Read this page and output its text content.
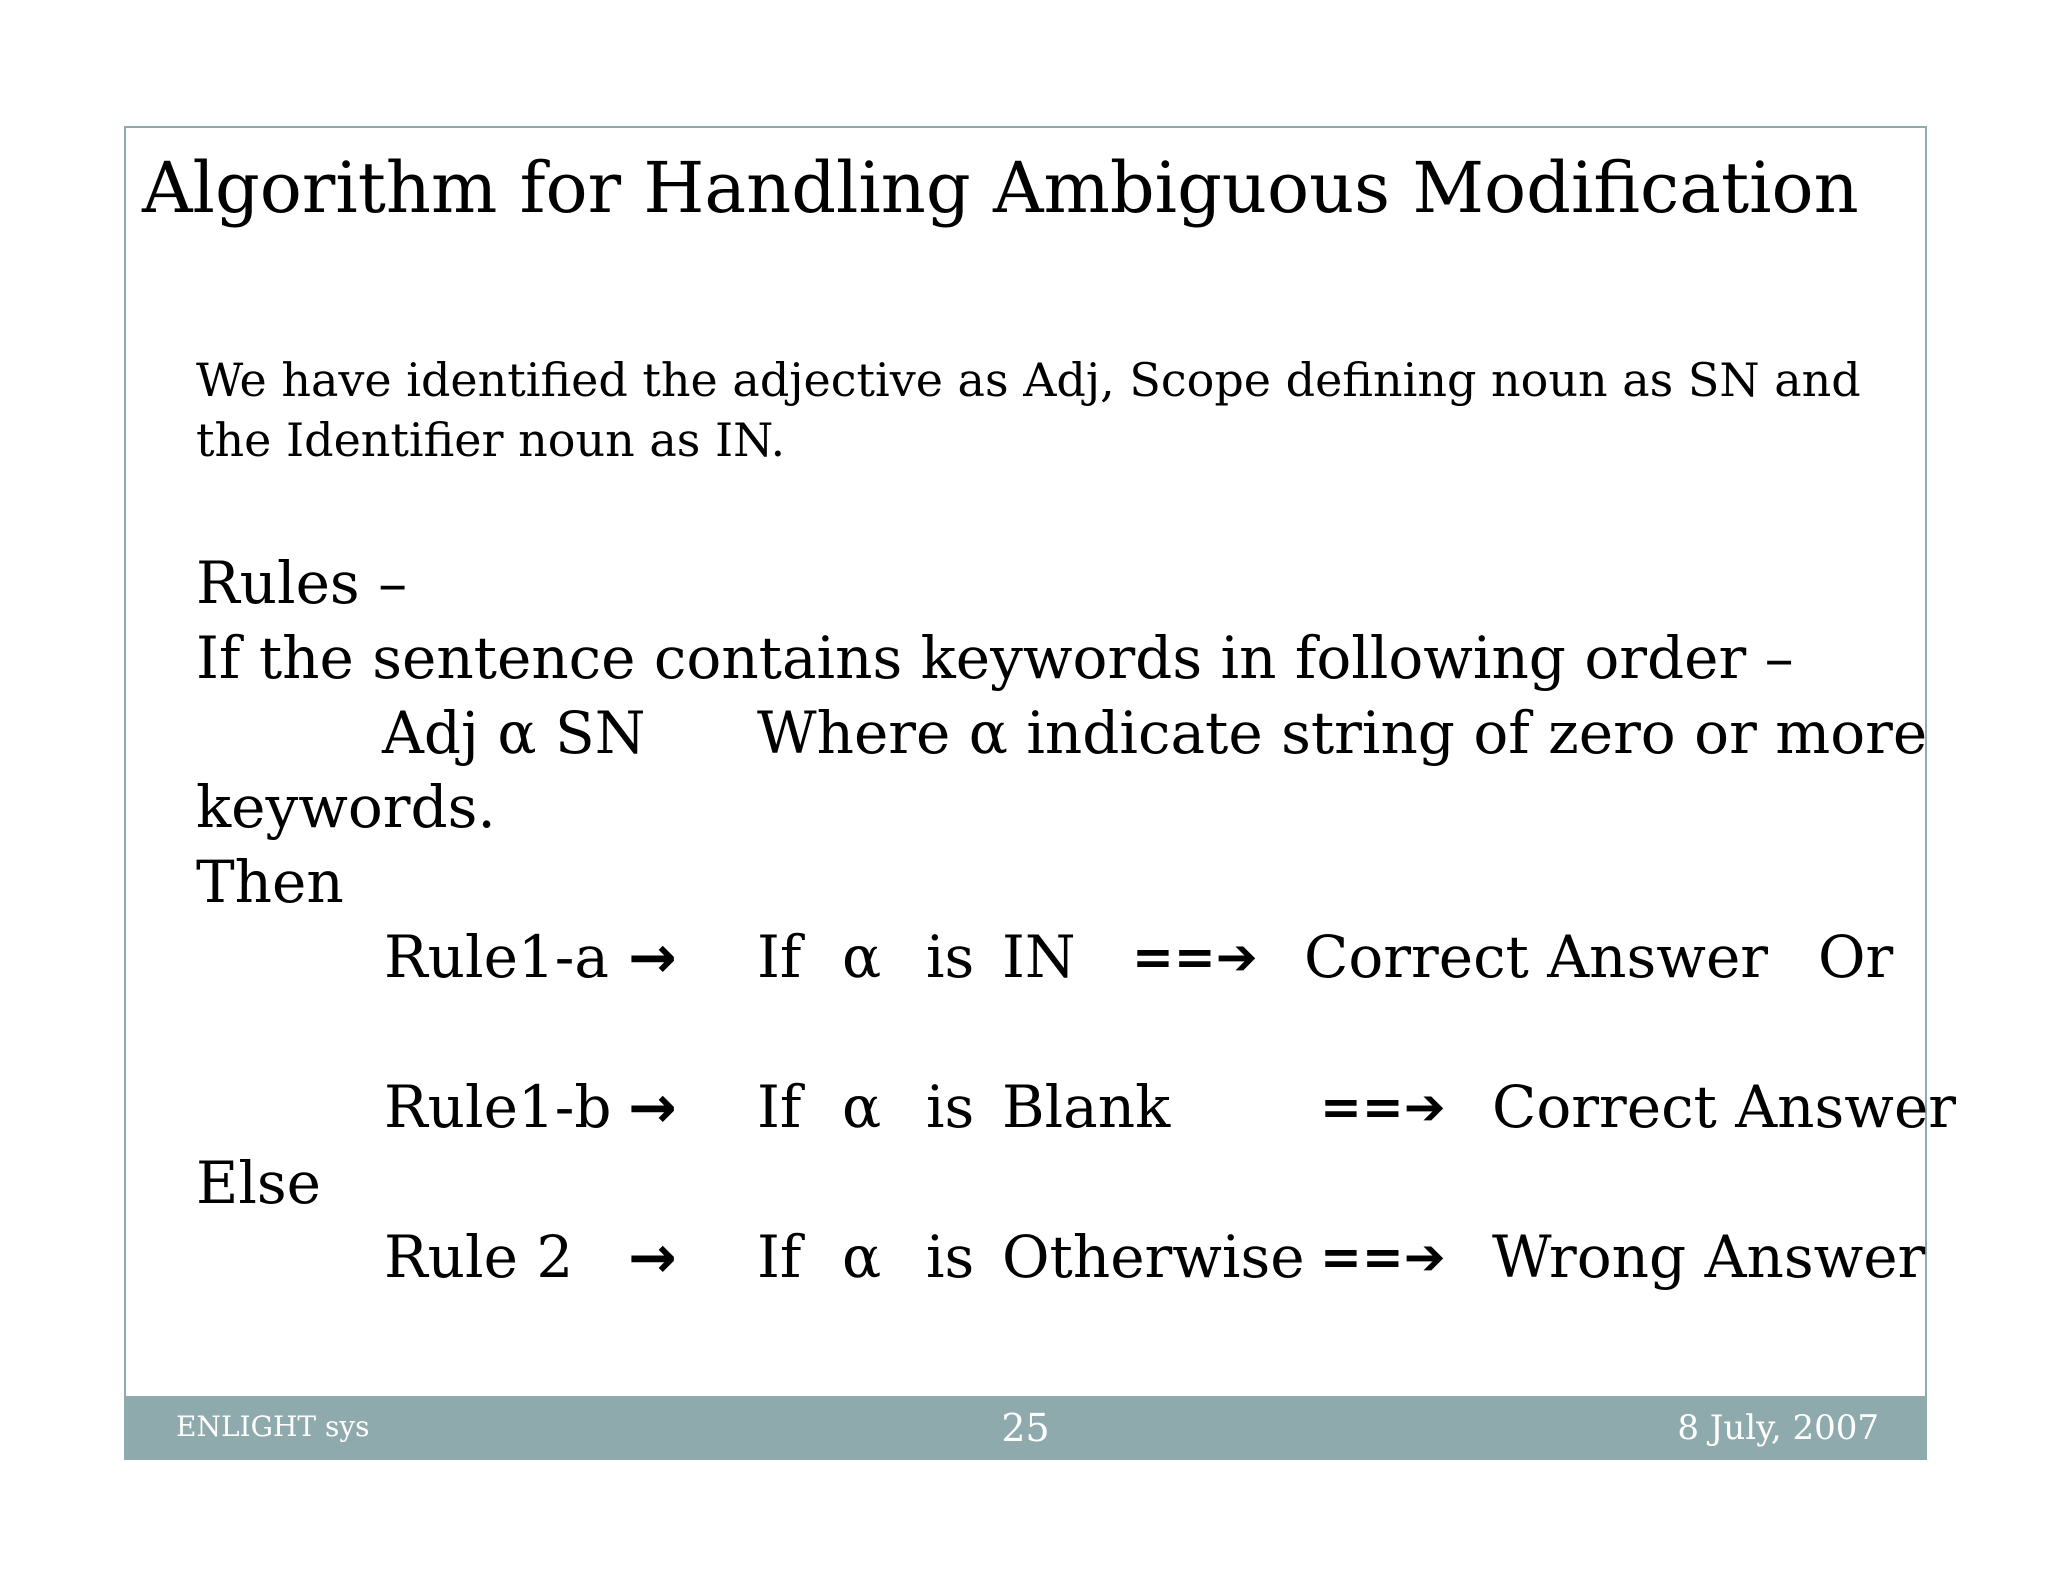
Algorithm for Handling Ambiguous Modification
We have identified the adjective as Adj, Scope defining noun as SN and the Identifier noun as IN.
Rules –
If the sentence contains keywords in following order –
Adj α SN Where α indicate string of zero or more
keywords.
Then
Rule1-a → If α is IN ==➔ Correct Answer Or
Rule1-b → If α is Blank	==➔ Correct Answer
Else
Rule 2 → If α is Otherwise ==➔ Wrong Answer
ENLIGHT sys	25	8 July, 2007
